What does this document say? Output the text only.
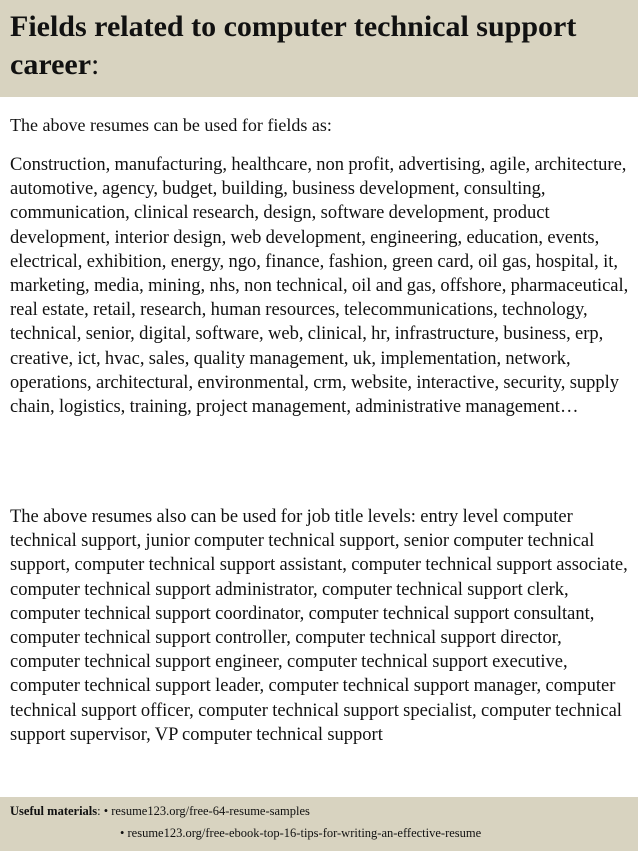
Fields related to computer technical support career:

The above resumes can be used for fields as:

Construction, manufacturing, healthcare, non profit, advertising, agile, architecture, automotive, agency, budget, building, business development, consulting, communication, clinical research, design, software development, product development, interior design, web development, engineering, education, events, electrical, exhibition, energy, ngo, finance, fashion, green card, oil gas, hospital, it, marketing, media, mining, nhs, non technical, oil and gas, offshore, pharmaceutical, real estate, retail, research, human resources, telecommunications, technology, technical, senior, digital, software, web, clinical, hr, infrastructure, business, erp, creative, ict, hvac, sales, quality management, uk, implementation, network, operations, architectural, environmental, crm, website, interactive, security, supply chain, logistics, training, project management, administrative management…

The above resumes also can be used for job title levels: entry level computer technical support, junior computer technical support, senior computer technical support, computer technical support assistant, computer technical support associate, computer technical support administrator, computer technical support clerk, computer technical support coordinator, computer technical support consultant, computer technical support controller, computer technical support director, computer technical support engineer, computer technical support executive, computer technical support leader, computer technical support manager, computer technical support officer, computer technical support specialist, computer technical support supervisor, VP computer technical support

Useful materials: • resume123.org/free-64-resume-samples
• resume123.org/free-ebook-top-16-tips-for-writing-an-effective-resume
